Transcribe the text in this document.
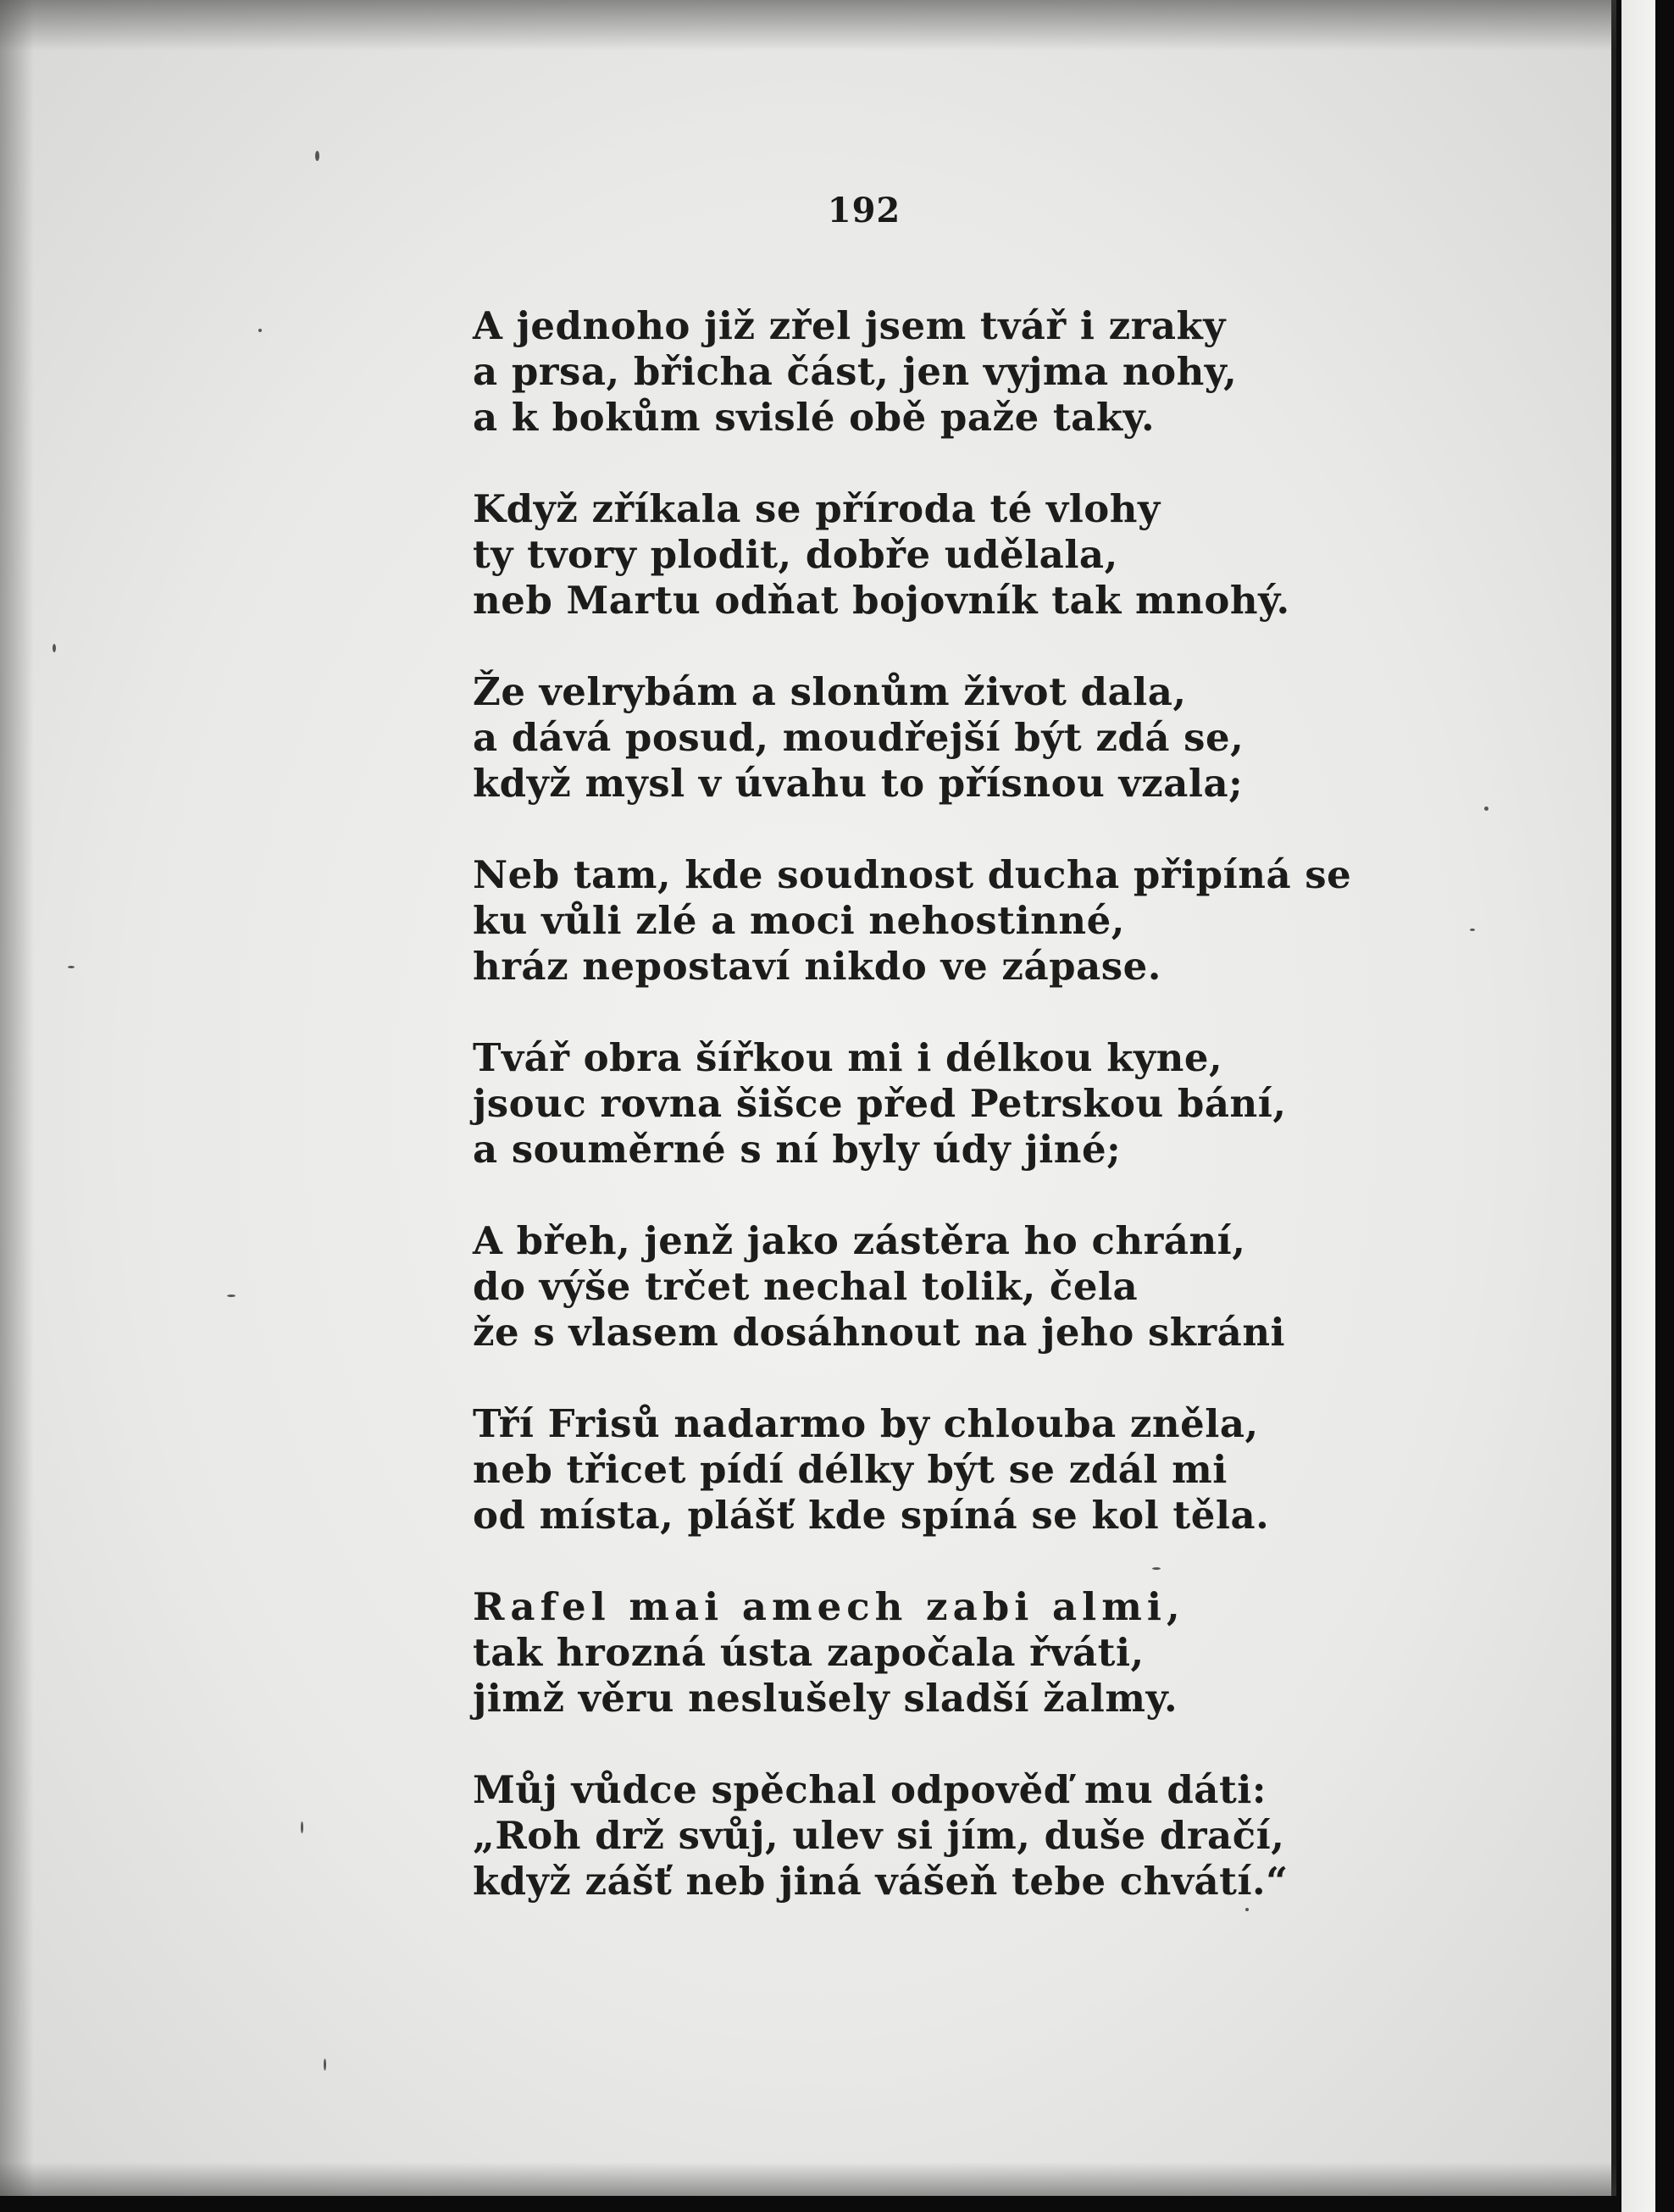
192
A jednoho již zřel jsem tvář i zraky
a prsa, břicha část, jen vyjma nohy,
a k bokům svislé obě paže taky.
Když zříkala se příroda té vlohy
ty tvory plodit, dobře udělala,
neb Martu odňat bojovník tak mnohý.
Že velrybám a slonům život dala,
a dává posud, moudřejší být zdá se,
když mysl v úvahu to přísnou vzala;
Neb tam, kde soudnost ducha připíná se
ku vůli zlé a moci nehostinné,
hráz nepostaví nikdo ve zápase.
Tvář obra šířkou mi i délkou kyne,
jsouc rovna šišce před Petrskou bání,
a souměrné s ní byly údy jiné;
A břeh, jenž jako zástěra ho chrání,
do výše trčet nechal tolik, čela
že s vlasem dosáhnout na jeho skráni
Tří Frisů nadarmo by chlouba zněla,
neb třicet pídí délky být se zdál mi
od místa, plášť kde spíná se kol těla.
Rafel mai amech zabi almi,
tak hrozná ústa započala řváti,
jimž věru neslušely sladší žalmy.
Můj vůdce spěchal odpověď mu dáti:
„Roh drž svůj, ulev si jím, duše dračí,
když zášť neb jiná vášeň tebe chvátí.“
